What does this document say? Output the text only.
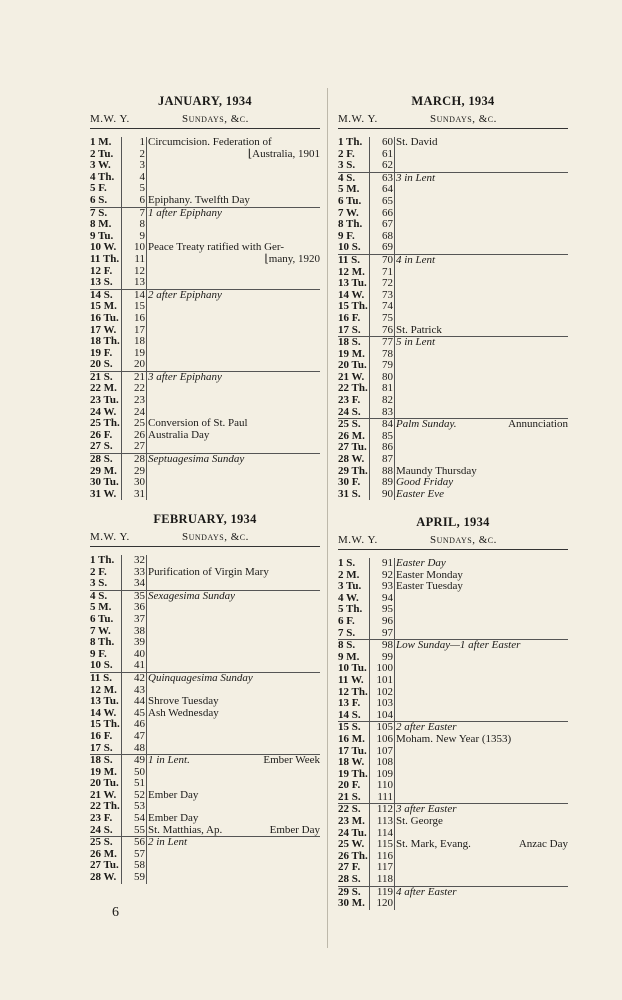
JANUARY, 1934
M.W. Y.	Sundays, &c.
1 M.	1 Circumcision. Federation of
2 Tu.	2	⌊Australia, 1901
3 W.	3
4 Th.	4
5 F.	5
6 S.	6 Epiphany. Twelfth Day
7 S.	7 1 after Epiphany
8 M.	8
9 Tu.	9
10 W.	10 Peace Treaty ratified with Ger-
11 Th.	11	⌊many, 1920
12 F.	12
13 S.	13
14 S.	14 2 after Epiphany
15 M.	15
16 Tu.	16
17 W.	17
18 Th.	18
19 F.	19
20 S.	20
21 S.	21 3 after Epiphany
22 M.	22
23 Tu.	23
24 W.	24
25 Th.	25 Conversion of St. Paul
26 F.	26 Australia Day
27 S.	27
28 S.	28 Septuagesima Sunday
29 M.	29
30 Tu.	30
31 W.	31
FEBRUARY, 1934
M.W. Y.	Sundays, &c.
1 Th.	32
2 F.	33 Purification of Virgin Mary
3 S.	34
4 S.	35 Sexagesima Sunday
5 M.	36
6 Tu.	37
7 W.	38
8 Th.	39
9 F.	40
10 S.	41
11 S.	42 Quinquagesima Sunday
12 M.	43
13 Tu.	44 Shrove Tuesday
14 W.	45 Ash Wednesday
15 Th.	46
16 F.	47
17 S.	48
18 S.	49 1 in Lent.	Ember Week
19 M.	50
20 Tu.	51
21 W.	52 Ember Day
22 Th.	53
23 F.	54 Ember Day
24 S.	55 St. Matthias, Ap.	Ember Day
25 S.	56 2 in Lent
26 M.	57
27 Tu.	58
28 W.	59
MARCH, 1934
M.W. Y.	Sundays, &c.
1 Th.	60 St. David
2 F.	61
3 S.	62
4 S.	63 3 in Lent
5 M.	64
6 Tu.	65
7 W.	66
8 Th.	67
9 F.	68
10 S.	69
11 S.	70 4 in Lent
12 M.	71
13 Tu.	72
14 W.	73
15 Th.	74
16 F.	75
17 S.	76 St. Patrick
18 S.	77 5 in Lent
19 M.	78
20 Tu.	79
21 W.	80
22 Th.	81
23 F.	82
24 S.	83
25 S.	84 Palm Sunday.	Annunciation
26 M.	85
27 Tu.	86
28 W.	87
29 Th.	88 Maundy Thursday
30 F.	89 Good Friday
31 S.	90 Easter Eve
APRIL, 1934
M.W. Y.	Sundays, &c.
1 S.	91 Easter Day
2 M.	92 Easter Monday
3 Tu.	93 Easter Tuesday
4 W.	94
5 Th.	95
6 F.	96
7 S.	97
8 S.	98 Low Sunday—1 after Easter
9 M.	99
10 Tu. 100
11 W.	101
12 Th. 102
13 F.	103
14 S.	104
15 S.	105 2 after Easter
16 M.	106 Moham. New Year (1353)
17 Tu. 107
18 W.	108
19 Th. 109
20 F.	110
21 S.	111
22 S.	112 3 after Easter
23 M.	113 St. George
24 Tu. 114
25 W.	115 St. Mark, Evang.	Anzac Day
26 Th. 116
27 F.	117
28 S.	118
29 S.	119 4 after Easter
30 M.	120
6
